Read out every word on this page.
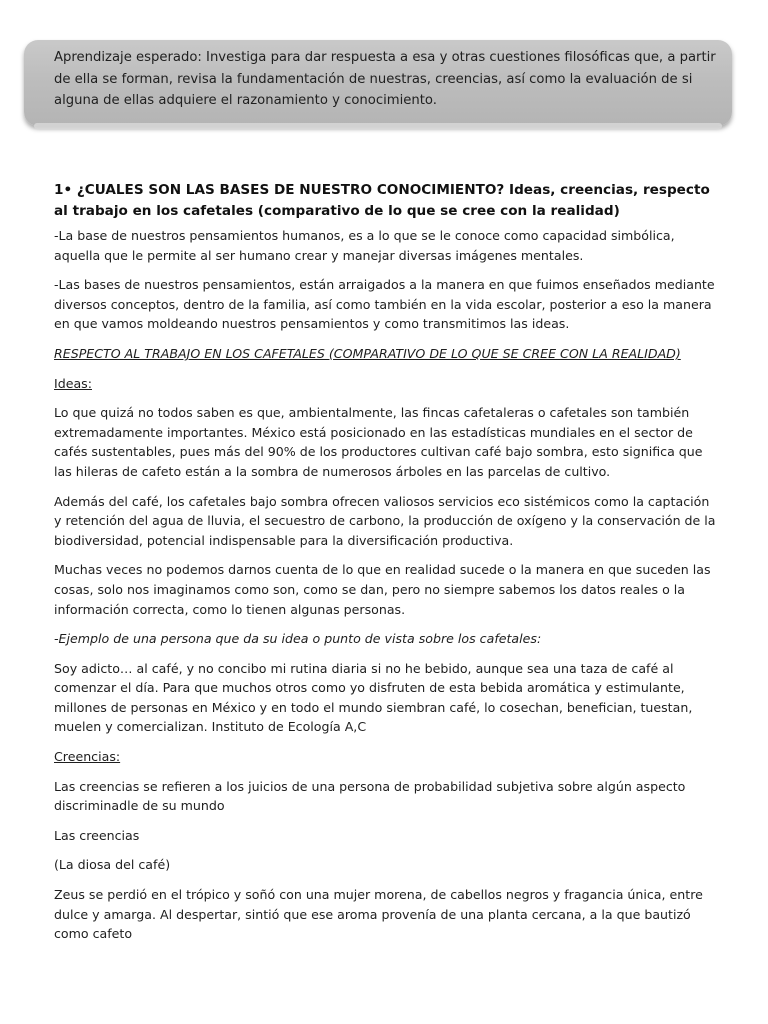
Aprendizaje esperado: Investiga para dar respuesta a esa y otras cuestiones filosóficas que, a partir de ella se forman, revisa la fundamentación de nuestras, creencias, así como la evaluación de si alguna de ellas adquiere el razonamiento y conocimiento.

1• ¿CUALES SON LAS BASES DE NUESTRO CONOCIMIENTO? Ideas, creencias, respecto al trabajo en los cafetales (comparativo de lo que se cree con la realidad)

-La base de nuestros pensamientos humanos, es a lo que se le conoce como capacidad simbólica, aquella que le permite al ser humano crear y manejar diversas imágenes mentales.

-Las bases de nuestros pensamientos, están arraigados a la manera en que fuimos enseñados mediante diversos conceptos, dentro de la familia, así como también en la vida escolar, posterior a eso la manera en que vamos moldeando nuestros pensamientos y como transmitimos las ideas.

RESPECTO AL TRABAJO EN LOS CAFETALES (COMPARATIVO DE LO QUE SE CREE CON LA REALIDAD)

Ideas:

Lo que quizá no todos saben es que, ambientalmente, las fincas cafetaleras o cafetales son también extremadamente importantes. México está posicionado en las estadísticas mundiales en el sector de cafés sustentables, pues más del 90% de los productores cultivan café bajo sombra, esto significa que las hileras de cafeto están a la sombra de numerosos árboles en las parcelas de cultivo.

Además del café, los cafetales bajo sombra ofrecen valiosos servicios eco sistémicos como la captación y retención del agua de lluvia, el secuestro de carbono, la producción de oxígeno y la conservación de la biodiversidad, potencial indispensable para la diversificación productiva.

Muchas veces no podemos darnos cuenta de lo que en realidad sucede o la manera en que suceden las cosas, solo nos imaginamos como son, como se dan, pero no siempre sabemos los datos reales o la información correcta, como lo tienen algunas personas.

-Ejemplo de una persona que da su idea o punto de vista sobre los cafetales:

Soy adicto… al café, y no concibo mi rutina diaria si no he bebido, aunque sea una taza de café al comenzar el día. Para que muchos otros como yo disfruten de esta bebida aromática y estimulante, millones de personas en México y en todo el mundo siembran café, lo cosechan, benefician, tuestan, muelen y comercializan. Instituto de Ecología A,C

Creencias:

Las creencias se refieren a los juicios de una persona de probabilidad subjetiva sobre algún aspecto discriminadle de su mundo

Las creencias

(La diosa del café)

Zeus se perdió en el trópico y soñó con una mujer morena, de cabellos negros y fragancia única, entre dulce y amarga. Al despertar, sintió que ese aroma provenía de una planta cercana, a la que bautizó como cafeto
